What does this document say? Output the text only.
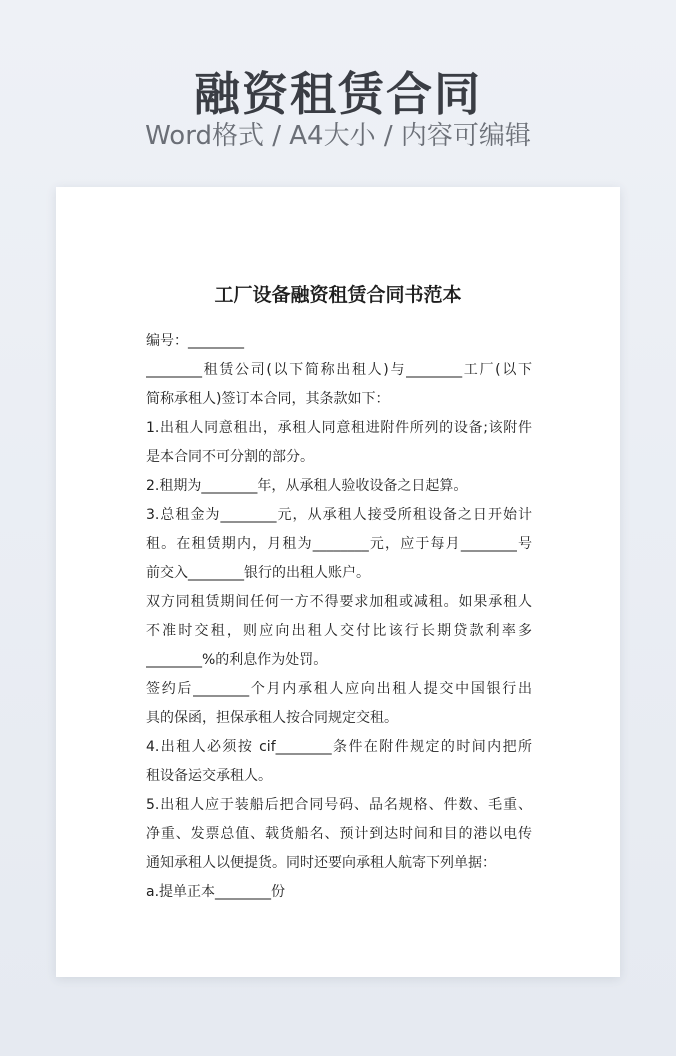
融资租赁合同
Word格式 / A4大小 / 内容可编辑
工厂设备融资租赁合同书范本
编号：________
________租赁公司(以下简称出租人)与________工厂(以下
简称承租人)签订本合同，其条款如下：
1.出租人同意租出，承租人同意租进附件所列的设备;该附件
是本合同不可分割的部分。
2.租期为________年，从承租人验收设备之日起算。
3.总租金为________元，从承租人接受所租设备之日开始计
租。在租赁期内，月租为________元，应于每月________号
前交入________银行的出租人账户。
双方同租赁期间任何一方不得要求加租或减租。如果承租人
不准时交租，则应向出租人交付比该行长期贷款利率多
________%的利息作为处罚。
签约后________个月内承租人应向出租人提交中国银行出
具的保函，担保承租人按合同规定交租。
4.出租人必须按 cif________条件在附件规定的时间内把所
租设备运交承租人。
5.出租人应于装船后把合同号码、品名规格、件数、毛重、
净重、发票总值、载货船名、预计到达时间和目的港以电传
通知承租人以便提货。同时还要向承租人航寄下列单据：
a.提单正本________份
